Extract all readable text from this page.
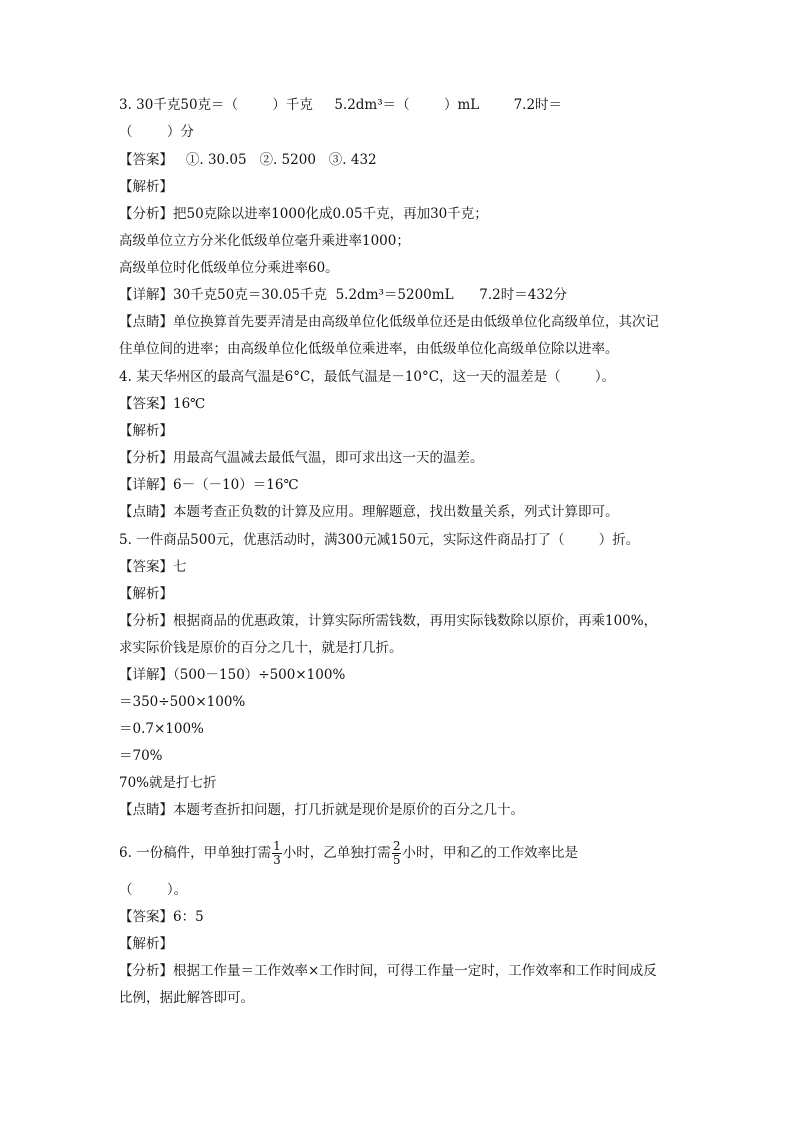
3. 30千克50克＝（        ）千克     5.2dm³＝（        ）mL        7.2时＝
（        ）分
【答案】   ①. 30.05   ②. 5200   ③. 432
【解析】
【分析】把50克除以进率1000化成0.05千克，再加30千克；
高级单位立方分米化低级单位毫升乘进率1000；
高级单位时化低级单位分乘进率60。
【详解】30千克50克＝30.05千克  5.2dm³＝5200mL      7.2时＝432分
【点睛】单位换算首先要弄清是由高级单位化低级单位还是由低级单位化高级单位，其次记
住单位间的进率；由高级单位化低级单位乘进率，由低级单位化高级单位除以进率。
4. 某天华州区的最高气温是6°C，最低气温是－10°C，这一天的温差是（        ）。
【答案】16℃
【解析】
【分析】用最高气温减去最低气温，即可求出这一天的温差。
【详解】6－（－10）＝16℃
【点睛】本题考查正负数的计算及应用。理解题意，找出数量关系，列式计算即可。
5. 一件商品500元，优惠活动时，满300元减150元，实际这件商品打了（        ）折。
【答案】七
【解析】
【分析】根据商品的优惠政策，计算实际所需钱数，再用实际钱数除以原价，再乘100%，
求实际价钱是原价的百分之几十，就是打几折。
【详解】（500－150）÷500×100%
＝350÷500×100%
＝0.7×100%
＝70%
70%就是打七折
【点睛】本题考查折扣问题，打几折就是现价是原价的百分之几十。
6. 一份稿件，甲单独打需 $\frac{1}{3}$ 小时，乙单独打需 $\frac{2}{5}$ 小时，甲和乙的工作效率比是
（        ）。
【答案】6：5
【解析】
【分析】根据工作量＝工作效率×工作时间，可得工作量一定时，工作效率和工作时间成反
比例，据此解答即可。
